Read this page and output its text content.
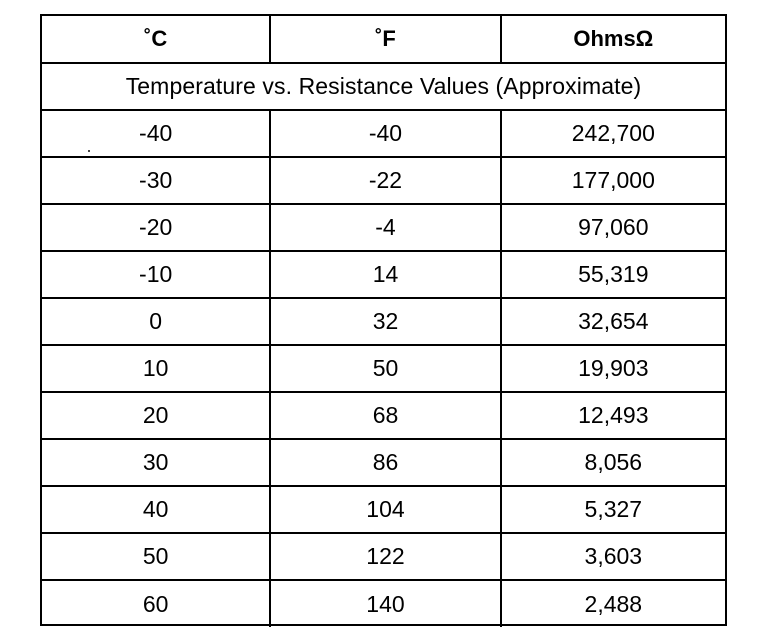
˚C	˚F	OhmsΩ
Temperature vs. Resistance Values (Approximate)		
-40	-40	242,700
-30	-22	177,000
-20	-4	97,060
-10	14	55,319
0	32	32,654
10	50	19,903
20	68	12,493
30	86	8,056
40	104	5,327
50	122	3,603
60	140	2,488
